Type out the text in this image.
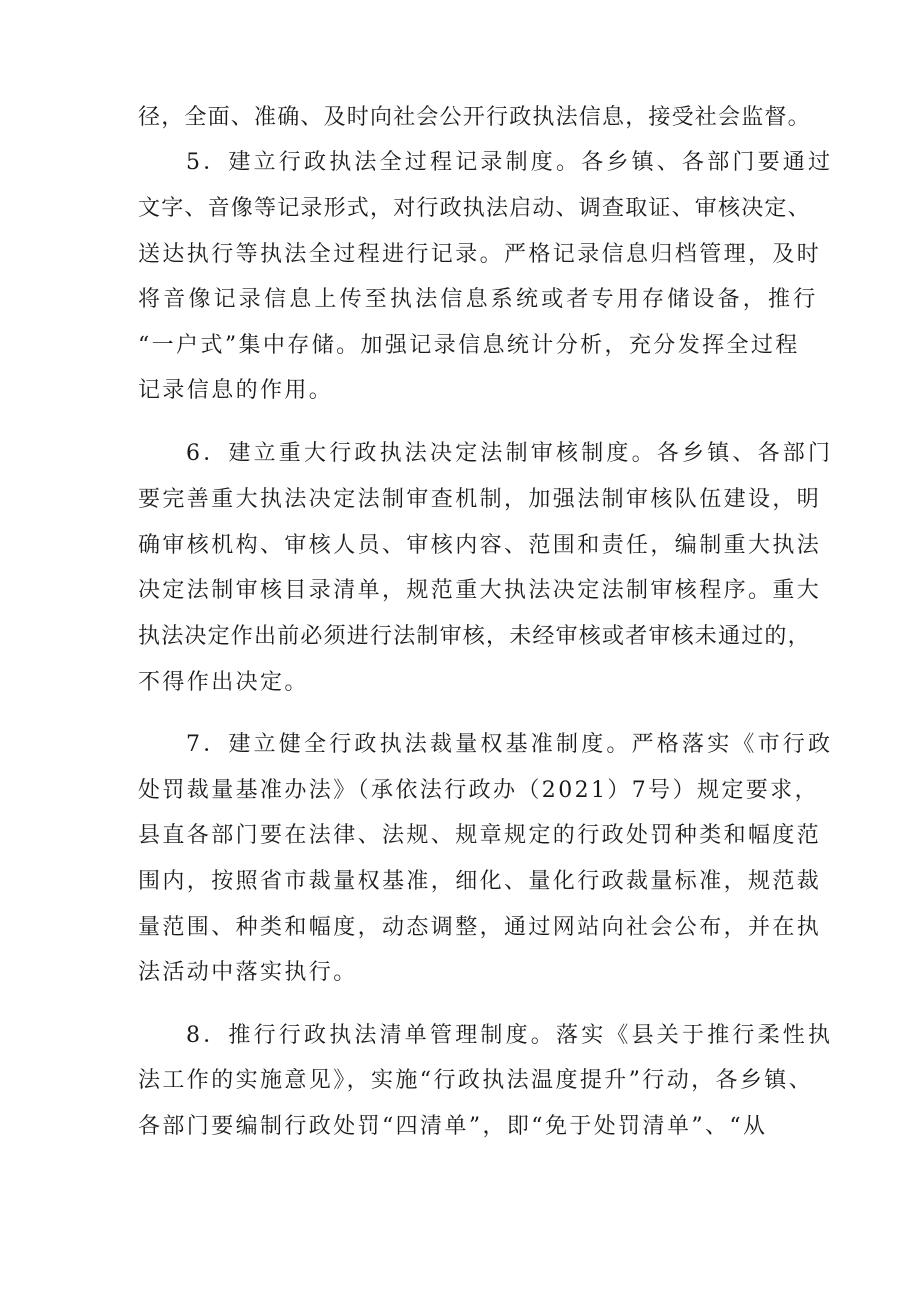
径，全面、准确、及时向社会公开行政执法信息，接受社会监督。
5．建立行政执法全过程记录制度。各乡镇、各部门要通过
文字、音像等记录形式，对行政执法启动、调查取证、审核决定、
送达执行等执法全过程进行记录。严格记录信息归档管理，及时
将音像记录信息上传至执法信息系统或者专用存储设备，推行
“一户式”集中存储。加强记录信息统计分析，充分发挥全过程
记录信息的作用。
6．建立重大行政执法决定法制审核制度。各乡镇、各部门
要完善重大执法决定法制审查机制，加强法制审核队伍建设，明
确审核机构、审核人员、审核内容、范围和责任，编制重大执法
决定法制审核目录清单，规范重大执法决定法制审核程序。重大
执法决定作出前必须进行法制审核，未经审核或者审核未通过的，
不得作出决定。
7．建立健全行政执法裁量权基准制度。严格落实《市行政
处罚裁量基准办法》（承依法行政办（2021）7号）规定要求，
县直各部门要在法律、法规、规章规定的行政处罚种类和幅度范
围内，按照省市裁量权基准，细化、量化行政裁量标准，规范裁
量范围、种类和幅度，动态调整，通过网站向社会公布，并在执
法活动中落实执行。
8．推行行政执法清单管理制度。落实《县关于推行柔性执
法工作的实施意见》，实施“行政执法温度提升”行动，各乡镇、
各部门要编制行政处罚“四清单”，即“免于处罚清单”、“从
